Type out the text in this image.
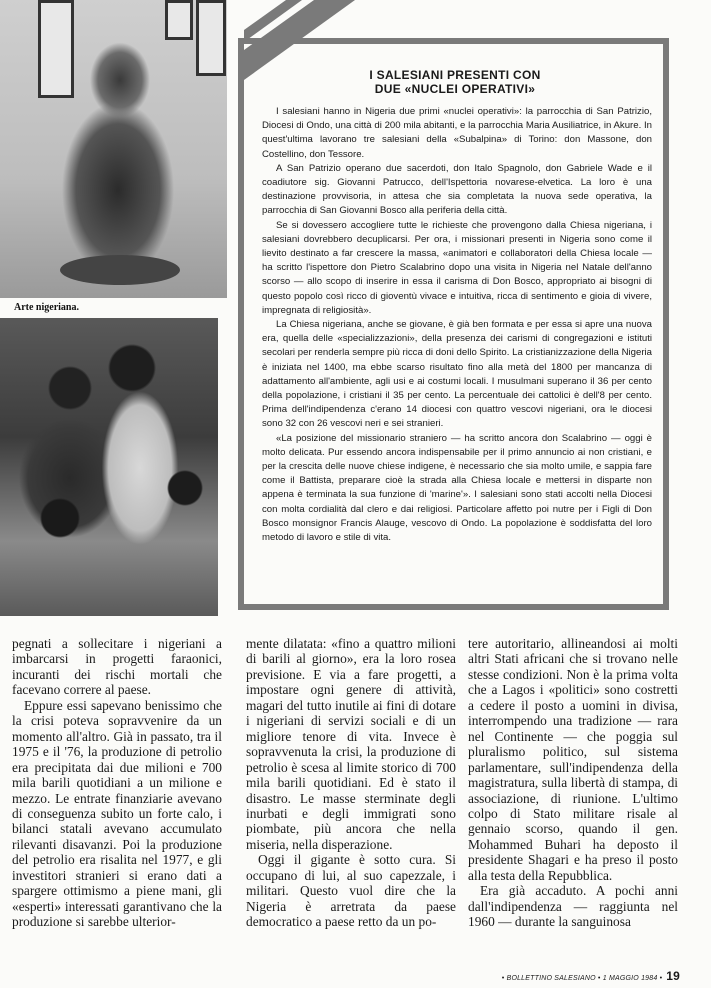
Arte nigeriana.
I SALESIANI PRESENTI CON
DUE «NUCLEI OPERATIVI»

I salesiani hanno in Nigeria due primi «nuclei operativi»: la parrocchia di San Patrizio, Diocesi di Ondo, una città di 200 mila abitanti, e la parrocchia Maria Ausiliatrice, in Akure. In quest'ultima lavorano tre salesiani della «Subalpina» di Torino: don Massone, don Costellino, don Tessore.

A San Patrizio operano due sacerdoti, don Italo Spagnolo, don Gabriele Wade e il coadiutore sig. Giovanni Patrucco, dell'Ispettoria novarese-elvetica. La loro è una destinazione provvisoria, in attesa che sia completata la nuova sede operativa, la parrocchia di San Giovanni Bosco alla periferia della città.

Se si dovessero accogliere tutte le richieste che provengono dalla Chiesa nigeriana, i salesiani dovrebbero decuplicarsi. Per ora, i missionari presenti in Nigeria sono come il lievito destinato a far crescere la massa, «animatori e collaboratori della Chiesa locale — ha scritto l'ispettore don Pietro Scalabrino dopo una visita in Nigeria nel Natale dell'anno scorso — allo scopo di inserire in essa il carisma di Don Bosco, appropriato ai bisogni di questo popolo così ricco di gioventù vivace e intuitiva, ricca di sentimento e gioia di vivere, impregnata di religiosità».

La Chiesa nigeriana, anche se giovane, è già ben formata e per essa si apre una nuova era, quella delle «specializzazioni», della presenza dei carismi di congregazioni e istituti secolari per renderla sempre più ricca di doni dello Spirito. La cristianizzazione della Nigeria è iniziata nel 1400, ma ebbe scarso risultato fino alla metà del 1800 per mancanza di adattamento all'ambiente, agli usi e ai costumi locali. I musulmani superano il 36 per cento della popolazione, i cristiani il 35 per cento. La percentuale dei cattolici è dell'8 per cento. Prima dell'indipendenza c'erano 14 diocesi con quattro vescovi nigeriani, ora le diocesi sono 32 con 26 vescovi neri e sei stranieri.

«La posizione del missionario straniero — ha scritto ancora don Scalabrino — oggi è molto delicata. Pur essendo ancora indispensabile per il primo annuncio ai non cristiani, e per la crescita delle nuove chiese indigene, è necessario che sia molto umile, e sappia fare come il Battista, preparare cioè la strada alla Chiesa locale e mettersi in disparte non appena è terminata la sua funzione di 'marine'». I salesiani sono stati accolti nella Diocesi con molta cordialità dal clero e dai religiosi. Particolare affetto poi nutre per i Figli di Don Bosco monsignor Francis Alauge, vescovo di Ondo. La popolazione è soddisfatta del loro metodo di lavoro e stile di vita.

pegnati a sollecitare i nigeriani a imbarcarsi in progetti faraonici, incuranti dei rischi mortali che facevano correre al paese.

Eppure essi sapevano benissimo che la crisi poteva sopravvenire da un momento all'altro. Già in passato, tra il 1975 e il '76, la produzione di petrolio era precipitata dai due milioni e 700 mila barili quotidiani a un milione e mezzo. Le entrate finanziarie avevano di conseguenza subito un forte calo, i bilanci statali avevano accumulato rilevanti disavanzi. Poi la produzione del petrolio era risalita nel 1977, e gli investitori stranieri si erano dati a spargere ottimismo a piene mani, gli «esperti» interessati garantivano che la produzione si sarebbe ulterior-

mente dilatata: «fino a quattro milioni di barili al giorno», era la loro rosea previsione. E via a fare progetti, a impostare ogni genere di attività, magari del tutto inutile ai fini di dotare i nigeriani di servizi sociali e di un migliore tenore di vita. Invece è sopravvenuta la crisi, la produzione di petrolio è scesa al limite storico di 700 mila barili quotidiani. Ed è stato il disastro. Le masse sterminate degli inurbati e degli immigrati sono piombate, più ancora che nella miseria, nella disperazione.

Oggi il gigante è sotto cura. Si occupano di lui, al suo capezzale, i militari. Questo vuol dire che la Nigeria è arretrata da paese democratico a paese retto da un po-

tere autoritario, allineandosi ai molti altri Stati africani che si trovano nelle stesse condizioni. Non è la prima volta che a Lagos i «politici» sono costretti a cedere il posto a uomini in divisa, interrompendo una tradizione — rara nel Continente — che poggia sul pluralismo politico, sul sistema parlamentare, sull'indipendenza della magistratura, sulla libertà di stampa, di associazione, di riunione. L'ultimo colpo di Stato militare risale al gennaio scorso, quando il gen. Mohammed Buhari ha deposto il presidente Shagari e ha preso il posto alla testa della Repubblica.

Era già accaduto. A pochi anni dall'indipendenza — raggiunta nel 1960 — durante la sanguinosa

• BOLLETTINO SALESIANO • 1 MAGGIO 1984 • 19
